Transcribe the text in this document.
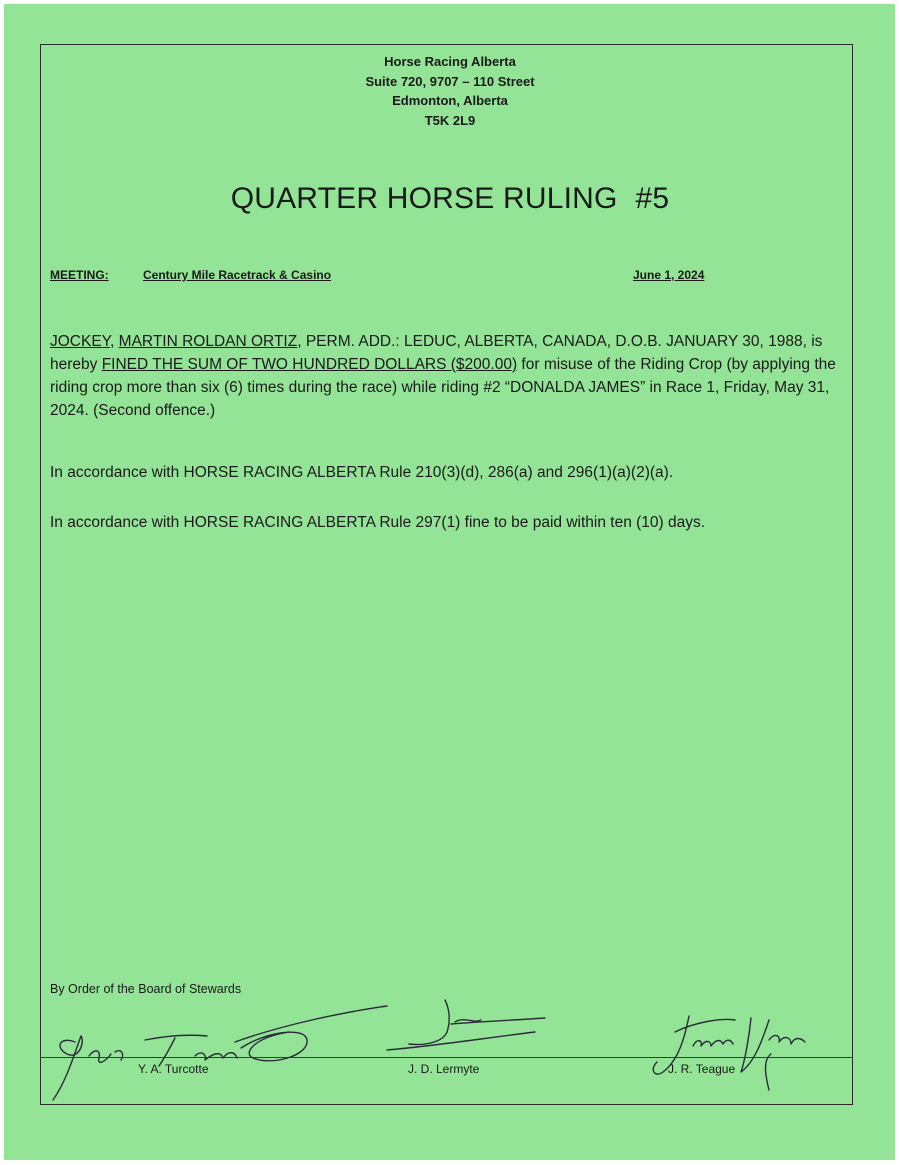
Horse Racing Alberta
Suite 720, 9707 – 110 Street
Edmonton, Alberta
T5K 2L9
QUARTER HORSE RULING #5
MEETING:	Century Mile Racetrack & Casino	June 1, 2024
JOCKEY, MARTIN ROLDAN ORTIZ, PERM. ADD.: LEDUC, ALBERTA, CANADA, D.O.B. JANUARY 30, 1988, is hereby FINED THE SUM OF TWO HUNDRED DOLLARS ($200.00) for misuse of the Riding Crop (by applying the riding crop more than six (6) times during the race) while riding #2 “DONALDA JAMES” in Race 1, Friday, May 31, 2024. (Second offence.)
In accordance with HORSE RACING ALBERTA Rule 210(3)(d), 286(a) and 296(1)(a)(2)(a).
In accordance with HORSE RACING ALBERTA Rule 297(1) fine to be paid within ten (10) days.
By Order of the Board of Stewards
Y. A. Turcotte	J. D. Lermyte	J. R. Teague
